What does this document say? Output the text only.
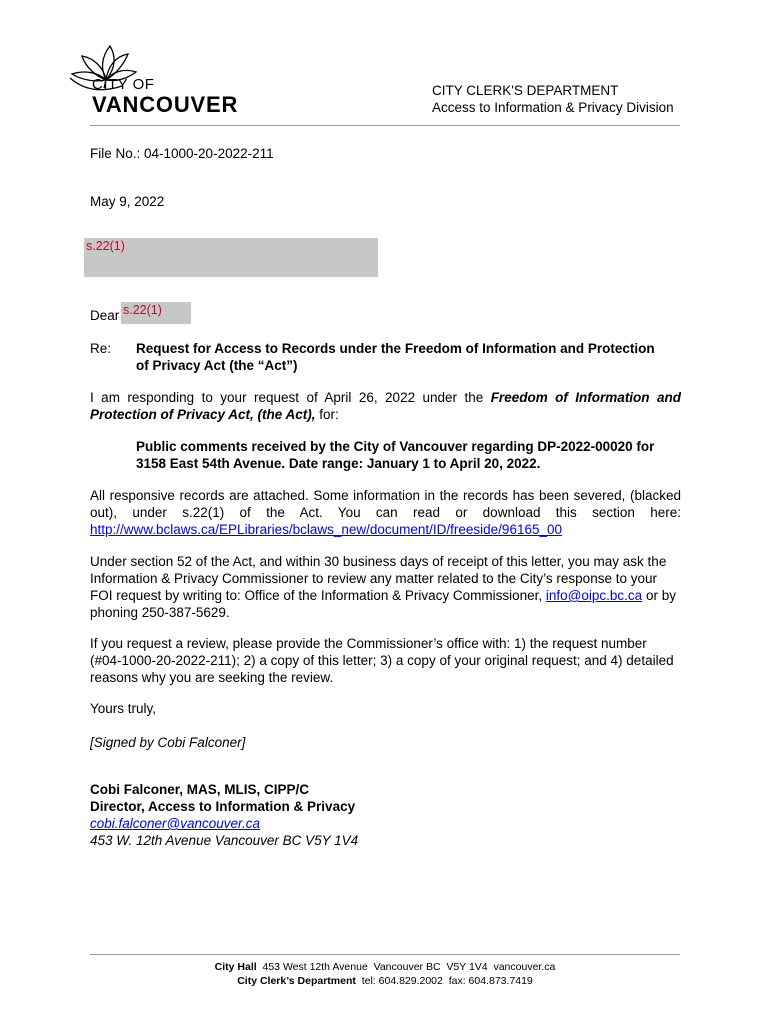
CITY OF
VANCOUVER
CITY CLERK'S DEPARTMENT
Access to Information & Privacy Division
File No.: 04-1000-20-2022-211
May 9, 2022
s.22(1)
Dear s.22(1)
Re: Request for Access to Records under the Freedom of Information and Protection
of Privacy Act (the “Act”)
I am responding to your request of April 26, 2022 under the Freedom of Information and Protection of Privacy Act, (the Act), for:
Public comments received by the City of Vancouver regarding DP-2022-00020 for
3158 East 54th Avenue. Date range: January 1 to April 20, 2022.
All responsive records are attached. Some information in the records has been severed, (blacked out), under s.22(1) of the Act. You can read or download this section here: http://www.bclaws.ca/EPLibraries/bclaws_new/document/ID/freeside/96165_00
Under section 52 of the Act, and within 30 business days of receipt of this letter, you may ask the Information & Privacy Commissioner to review any matter related to the City’s response to your FOI request by writing to: Office of the Information & Privacy Commissioner, info@oipc.bc.ca or by phoning 250-387-5629.
If you request a review, please provide the Commissioner’s office with: 1) the request number (#04-1000-20-2022-211); 2) a copy of this letter; 3) a copy of your original request; and 4) detailed reasons why you are seeking the review.
Yours truly,
[Signed by Cobi Falconer]
Cobi Falconer, MAS, MLIS, CIPP/C
Director, Access to Information & Privacy
cobi.falconer@vancouver.ca
453 W. 12th Avenue Vancouver BC V5Y 1V4
City Hall  453 West 12th Avenue  Vancouver BC  V5Y 1V4  vancouver.ca
City Clerk’s Department  tel: 604.829.2002  fax: 604.873.7419
